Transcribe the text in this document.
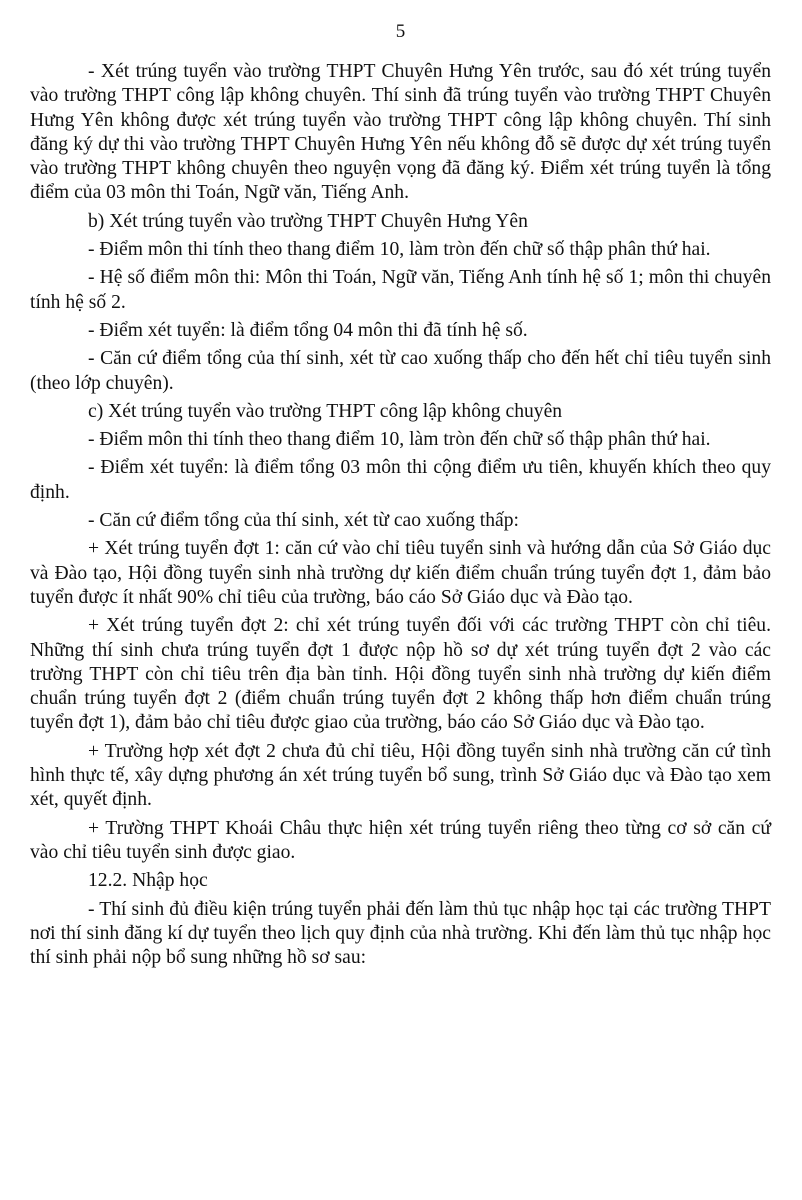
5

- Xét trúng tuyển vào trường THPT Chuyên Hưng Yên trước, sau đó xét trúng tuyển vào trường THPT công lập không chuyên. Thí sinh đã trúng tuyển vào trường THPT Chuyên Hưng Yên không được xét trúng tuyển vào trường THPT công lập không chuyên. Thí sinh đăng ký dự thi vào trường THPT Chuyên Hưng Yên nếu không đỗ sẽ được dự xét trúng tuyển vào trường THPT không chuyên theo nguyện vọng đã đăng ký. Điểm xét trúng tuyển là tổng điểm của 03 môn thi Toán, Ngữ văn, Tiếng Anh.

b) Xét trúng tuyển vào trường THPT Chuyên Hưng Yên

- Điểm môn thi tính theo thang điểm 10, làm tròn đến chữ số thập phân thứ hai.

- Hệ số điểm môn thi: Môn thi Toán, Ngữ văn, Tiếng Anh tính hệ số 1; môn thi chuyên tính hệ số 2.

- Điểm xét tuyển: là điểm tổng 04 môn thi đã tính hệ số.

- Căn cứ điểm tổng của thí sinh, xét từ cao xuống thấp cho đến hết chỉ tiêu tuyển sinh (theo lớp chuyên).

c) Xét trúng tuyển vào trường THPT công lập không chuyên

- Điểm môn thi tính theo thang điểm 10, làm tròn đến chữ số thập phân thứ hai.

- Điểm xét tuyển: là điểm tổng 03 môn thi cộng điểm ưu tiên, khuyến khích theo quy định.

- Căn cứ điểm tổng của thí sinh, xét từ cao xuống thấp:

+ Xét trúng tuyển đợt 1: căn cứ vào chỉ tiêu tuyển sinh và hướng dẫn của Sở Giáo dục và Đào tạo, Hội đồng tuyển sinh nhà trường dự kiến điểm chuẩn trúng tuyển đợt 1, đảm bảo tuyển được ít nhất 90% chỉ tiêu của trường, báo cáo Sở Giáo dục và Đào tạo.

+ Xét trúng tuyển đợt 2: chỉ xét trúng tuyển đối với các trường THPT còn chỉ tiêu. Những thí sinh chưa trúng tuyển đợt 1 được nộp hồ sơ dự xét trúng tuyển đợt 2 vào các trường THPT còn chỉ tiêu trên địa bàn tỉnh. Hội đồng tuyển sinh nhà trường dự kiến điểm chuẩn trúng tuyển đợt 2 (điểm chuẩn trúng tuyển đợt 2 không thấp hơn điểm chuẩn trúng tuyển đợt 1), đảm bảo chỉ tiêu được giao của trường, báo cáo Sở Giáo dục và Đào tạo.

+ Trường hợp xét đợt 2 chưa đủ chỉ tiêu, Hội đồng tuyển sinh nhà trường căn cứ tình hình thực tế, xây dựng phương án xét trúng tuyển bổ sung, trình Sở Giáo dục và Đào tạo xem xét, quyết định.

+ Trường THPT Khoái Châu thực hiện xét trúng tuyển riêng theo từng cơ sở căn cứ vào chỉ tiêu tuyển sinh được giao.

12.2. Nhập học

- Thí sinh đủ điều kiện trúng tuyển phải đến làm thủ tục nhập học tại các trường THPT nơi thí sinh đăng kí dự tuyển theo lịch quy định của nhà trường. Khi đến làm thủ tục nhập học thí sinh phải nộp bổ sung những hồ sơ sau:
